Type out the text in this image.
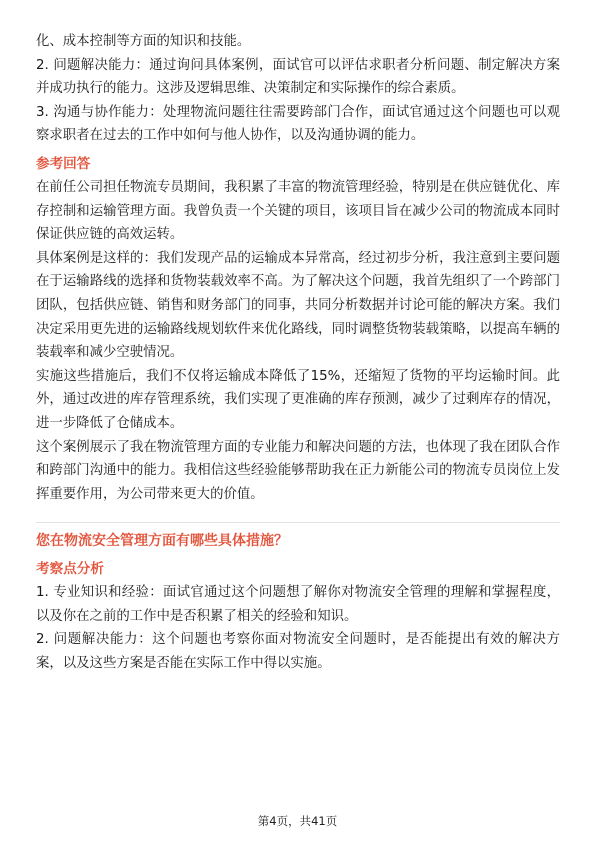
化、成本控制等方面的知识和技能。

2. 问题解决能力：通过询问具体案例，面试官可以评估求职者分析问题、制定解决方案并成功执行的能力。这涉及逻辑思维、决策制定和实际操作的综合素质。

3. 沟通与协作能力：处理物流问题往往需要跨部门合作，面试官通过这个问题也可以观察求职者在过去的工作中如何与他人协作，以及沟通协调的能力。

参考回答

在前任公司担任物流专员期间，我积累了丰富的物流管理经验，特别是在供应链优化、库存控制和运输管理方面。我曾负责一个关键的项目，该项目旨在减少公司的物流成本同时保证供应链的高效运转。

具体案例是这样的：我们发现产品的运输成本异常高，经过初步分析，我注意到主要问题在于运输路线的选择和货物装载效率不高。为了解决这个问题，我首先组织了一个跨部门团队，包括供应链、销售和财务部门的同事，共同分析数据并讨论可能的解决方案。我们决定采用更先进的运输路线规划软件来优化路线，同时调整货物装载策略，以提高车辆的装载率和减少空驶情况。

实施这些措施后，我们不仅将运输成本降低了15%，还缩短了货物的平均运输时间。此外，通过改进的库存管理系统，我们实现了更准确的库存预测，减少了过剩库存的情况，进一步降低了仓储成本。

这个案例展示了我在物流管理方面的专业能力和解决问题的方法，也体现了我在团队合作和跨部门沟通中的能力。我相信这些经验能够帮助我在正力新能公司的物流专员岗位上发挥重要作用，为公司带来更大的价值。

您在物流安全管理方面有哪些具体措施？
考察点分析

1. 专业知识和经验：面试官通过这个问题想了解你对物流安全管理的理解和掌握程度，以及你在之前的工作中是否积累了相关的经验和知识。

2. 问题解决能力：这个问题也考察你面对物流安全问题时，是否能提出有效的解决方案，以及这些方案是否能在实际工作中得以实施。

第4页，共41页
